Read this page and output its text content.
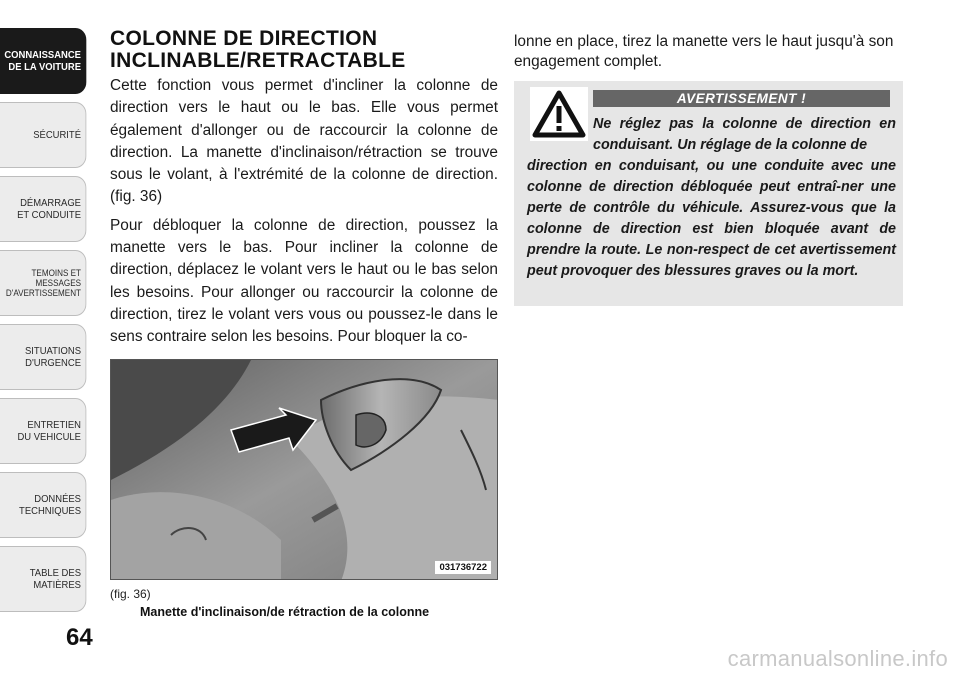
CONNAISSANCE
DE LA VOITURE
SÉCURITÉ
DÉMARRAGE
ET CONDUITE
TEMOINS ET
MESSAGES
D'AVERTISSEMENT
SITUATIONS
D'URGENCE
ENTRETIEN
DU VEHICULE
DONNÉES
TECHNIQUES
TABLE DES
MATIÈRES
64
COLONNE DE DIRECTION INCLINABLE/RETRACTABLE

Cette fonction vous permet d'incliner la colonne de direction vers le haut ou le bas. Elle vous permet également d'allonger ou de raccourcir la colonne de direction. La manette d'inclinaison/rétraction se trouve sous le volant, à l'extrémité de la colonne de direction. (fig. 36)

Pour débloquer la colonne de direction, poussez la manette vers le bas. Pour incliner la colonne de direction, déplacez le volant vers le haut ou le bas selon les besoins. Pour allonger ou raccourcir la colonne de direction, tirez le volant vers vous ou poussez-le dans le sens contraire selon les besoins. Pour bloquer la co-

031736722
(fig. 36)
Manette d'inclinaison/de rétraction de la colonne

lonne en place, tirez la manette vers le haut jusqu'à son engagement complet.

AVERTISSEMENT !

Ne réglez pas la colonne de direction en conduisant. Un réglage de la colonne de

direction en conduisant, ou une conduite avec une colonne de direction débloquée peut entraî-ner une perte de contrôle du véhicule. Assurez-vous que la colonne de direction est bien bloquée avant de prendre la route. Le non-respect de cet avertissement peut provoquer des blessures graves ou la mort.

carmanualsonline.info
